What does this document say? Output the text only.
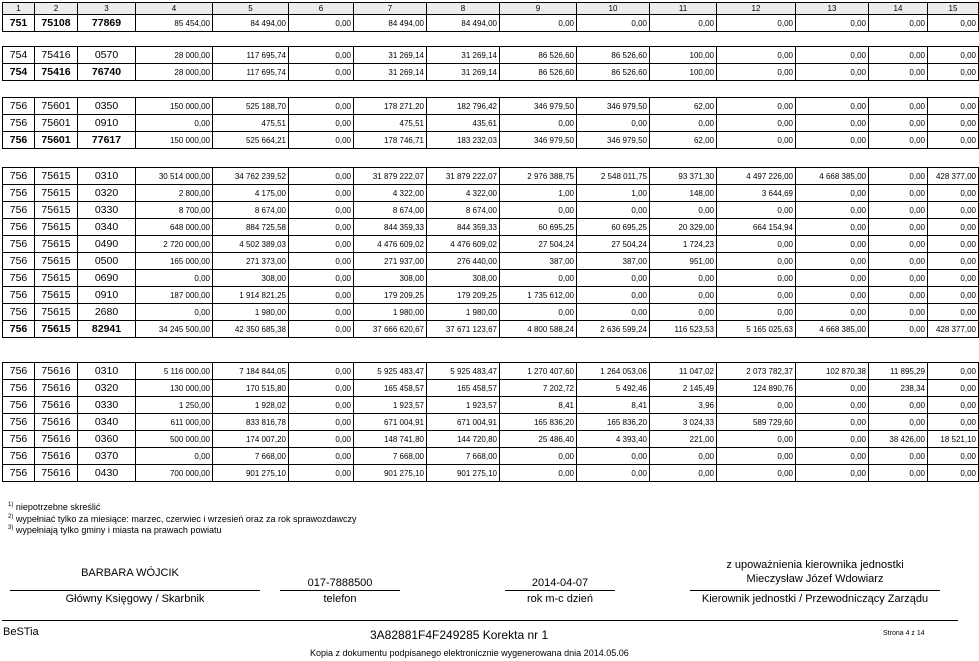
1	2	3	4	5	6	7	8	9	10	11	12	13	14	15
751	75108	77869	85 454,00	84 494,00	0,00	84 494,00	84 494,00	0,00	0,00	0,00	0,00	0,00	0,00	0,00
754	75416	0570	28 000,00	117 695,74	0,00	31 269,14	31 269,14	86 526,60	86 526,60	100,00	0,00	0,00	0,00	0,00
754	75416	76740	28 000,00	117 695,74	0,00	31 269,14	31 269,14	86 526,60	86 526,60	100,00	0,00	0,00	0,00	0,00
756	75601	0350	150 000,00	525 188,70	0,00	178 271,20	182 796,42	346 979,50	346 979,50	62,00	0,00	0,00	0,00	0,00
756	75601	0910	0,00	475,51	0,00	475,51	435,61	0,00	0,00	0,00	0,00	0,00	0,00	0,00
756	75601	77617	150 000,00	525 664,21	0,00	178 746,71	183 232,03	346 979,50	346 979,50	62,00	0,00	0,00	0,00	0,00
756	75615	0310	30 514 000,00	34 762 239,52	0,00	31 879 222,07	31 879 222,07	2 976 388,75	2 548 011,75	93 371,30	4 497 226,00	4 668 385,00	0,00	428 377,00
756	75615	0320	2 800,00	4 175,00	0,00	4 322,00	4 322,00	1,00	1,00	148,00	3 644,69	0,00	0,00	0,00
756	75615	0330	8 700,00	8 674,00	0,00	8 674,00	8 674,00	0,00	0,00	0,00	0,00	0,00	0,00	0,00
756	75615	0340	648 000,00	884 725,58	0,00	844 359,33	844 359,33	60 695,25	60 695,25	20 329,00	664 154,94	0,00	0,00	0,00
756	75615	0490	2 720 000,00	4 502 389,03	0,00	4 476 609,02	4 476 609,02	27 504,24	27 504,24	1 724,23	0,00	0,00	0,00	0,00
756	75615	0500	165 000,00	271 373,00	0,00	271 937,00	276 440,00	387,00	387,00	951,00	0,00	0,00	0,00	0,00
756	75615	0690	0,00	308,00	0,00	308,00	308,00	0,00	0,00	0,00	0,00	0,00	0,00	0,00
756	75615	0910	187 000,00	1 914 821,25	0,00	179 209,25	179 209,25	1 735 612,00	0,00	0,00	0,00	0,00	0,00	0,00
756	75615	2680	0,00	1 980,00	0,00	1 980,00	1 980,00	0,00	0,00	0,00	0,00	0,00	0,00	0,00
756	75615	82941	34 245 500,00	42 350 685,38	0,00	37 666 620,67	37 671 123,67	4 800 588,24	2 636 599,24	116 523,53	5 165 025,63	4 668 385,00	0,00	428 377,00
756	75616	0310	5 116 000,00	7 184 844,05	0,00	5 925 483,47	5 925 483,47	1 270 407,60	1 264 053,06	11 047,02	2 073 782,37	102 870,38	11 895,29	0,00
756	75616	0320	130 000,00	170 515,80	0,00	165 458,57	165 458,57	7 202,72	5 492,46	2 145,49	124 890,76	0,00	238,34	0,00
756	75616	0330	1 250,00	1 928,02	0,00	1 923,57	1 923,57	8,41	8,41	3,96	0,00	0,00	0,00	0,00
756	75616	0340	611 000,00	833 816,78	0,00	671 004,91	671 004,91	165 836,20	165 836,20	3 024,33	589 729,60	0,00	0,00	0,00
756	75616	0360	500 000,00	174 007,20	0,00	148 741,80	144 720,80	25 486,40	4 393,40	221,00	0,00	0,00	38 426,00	18 521,10
756	75616	0370	0,00	7 668,00	0,00	7 668,00	7 668,00	0,00	0,00	0,00	0,00	0,00	0,00	0,00
756	75616	0430	700 000,00	901 275,10	0,00	901 275,10	901 275,10	0,00	0,00	0,00	0,00	0,00	0,00	0,00
$^{1)}$ niepotrzebne skreślić
$^{2)}$ wypełniać tylko za miesiące: marzec, czerwiec i wrzesień oraz za rok sprawozdawczy
$^{3)}$ wypełniają tylko gminy i miasta na prawach powiatu
BARBARA WÓJCIK
Główny Księgowy / Skarbnik
017-7888500
telefon
2014-04-07
rok m-c dzień
z upoważnienia kierownika jednostki
Mieczysław Józef Wdowiarz
Kierownik jednostki / Przewodniczący Zarządu
BeSTia	3A82881F4F249285 Korekta nr 1	Strona 4 z 14
Kopia z dokumentu podpisanego elektronicznie wygenerowana dnia 2014.05.06
